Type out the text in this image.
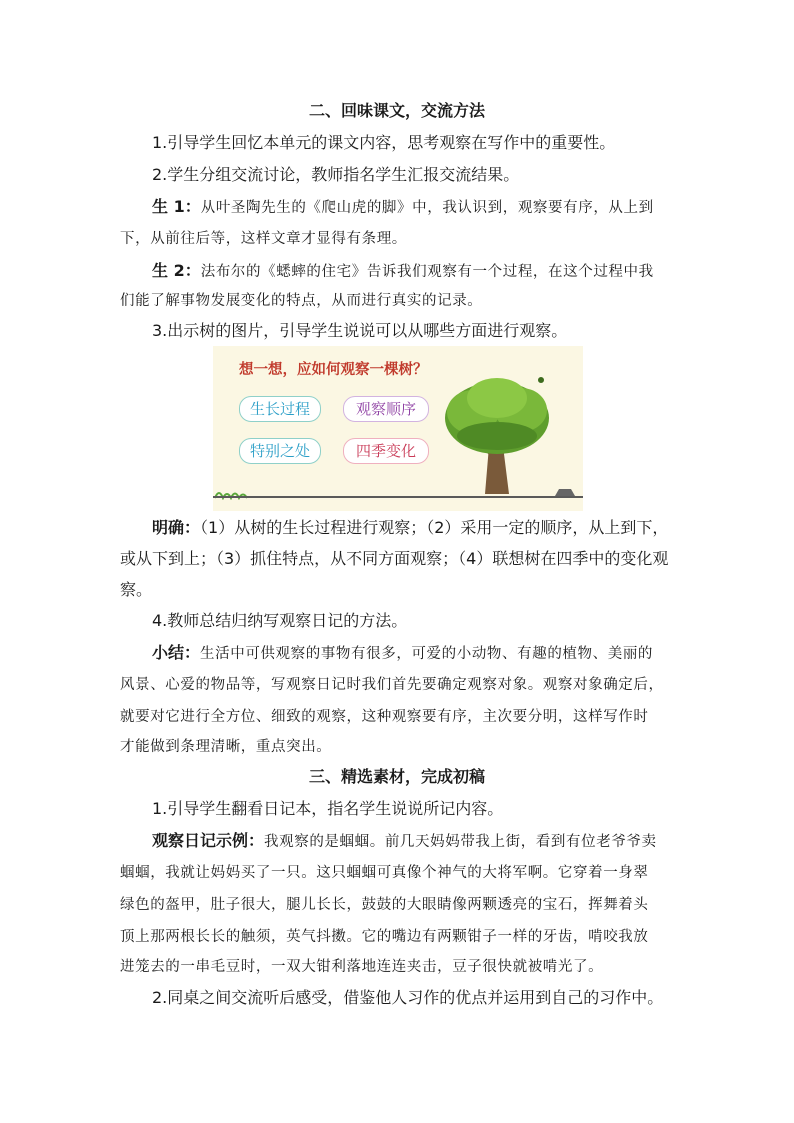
二、回味课文，交流方法
1.引导学生回忆本单元的课文内容，思考观察在写作中的重要性。
2.学生分组交流讨论，教师指名学生汇报交流结果。
生 1：从叶圣陶先生的《爬山虎的脚》中，我认识到，观察要有序，从上到
下，从前往后等，这样文章才显得有条理。
生 2：法布尔的《蟋蟀的住宅》告诉我们观察有一个过程，在这个过程中我
们能了解事物发展变化的特点，从而进行真实的记录。
3.出示树的图片，引导学生说说可以从哪些方面进行观察。
想一想，应如何观察一棵树？
生长过程	观察顺序
特别之处	四季变化
明确：（1）从树的生长过程进行观察；（2）采用一定的顺序，从上到下，
或从下到上；（3）抓住特点，从不同方面观察；（4）联想树在四季中的变化观
察。
4.教师总结归纳写观察日记的方法。
小结：生活中可供观察的事物有很多，可爱的小动物、有趣的植物、美丽的
风景、心爱的物品等，写观察日记时我们首先要确定观察对象。观察对象确定后，
就要对它进行全方位、细致的观察，这种观察要有序，主次要分明，这样写作时
才能做到条理清晰，重点突出。
三、精选素材，完成初稿
1.引导学生翻看日记本，指名学生说说所记内容。
观察日记示例：我观察的是蝈蝈。前几天妈妈带我上街，看到有位老爷爷卖
蝈蝈，我就让妈妈买了一只。这只蝈蝈可真像个神气的大将军啊。它穿着一身翠
绿色的盔甲，肚子很大，腿儿长长，鼓鼓的大眼睛像两颗透亮的宝石，挥舞着头
顶上那两根长长的触须，英气抖擞。它的嘴边有两颗钳子一样的牙齿，啃咬我放
进笼去的一串毛豆时，一双大钳利落地连连夹击，豆子很快就被啃光了。
2.同桌之间交流听后感受，借鉴他人习作的优点并运用到自己的习作中。
